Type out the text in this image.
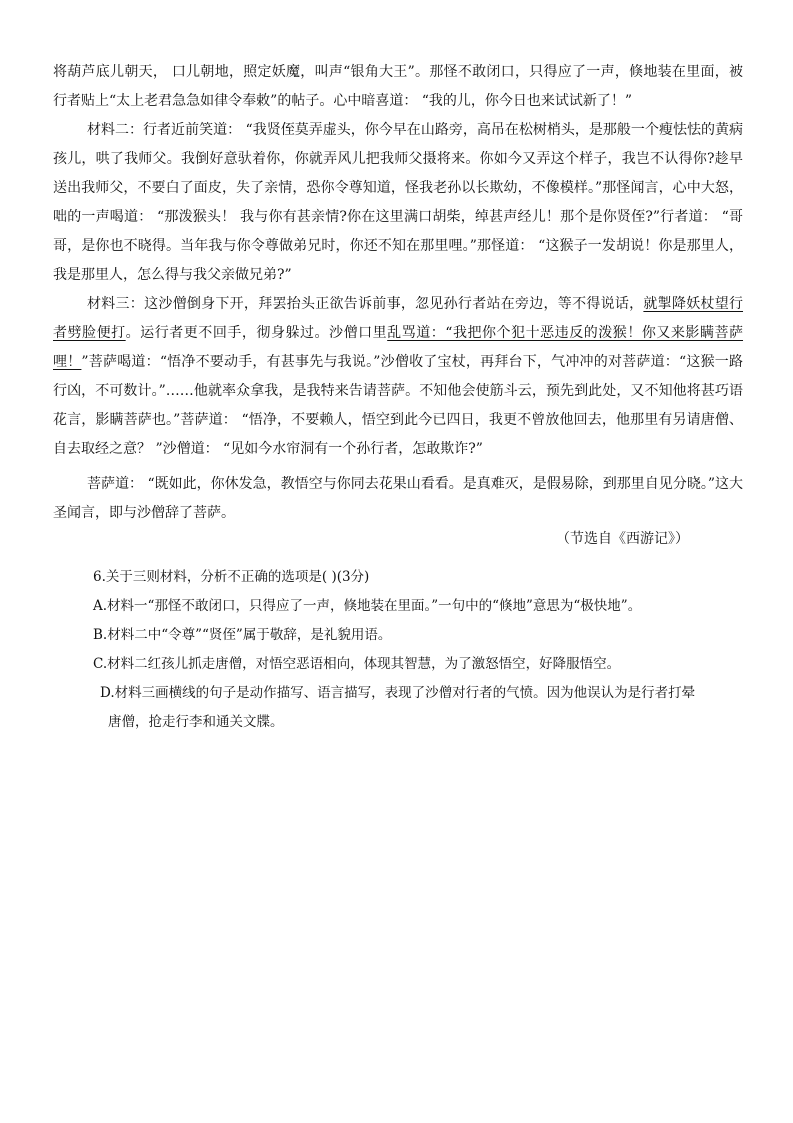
将葫芦底儿朝天， 口儿朝地，照定妖魔，叫声“银角大王”。那怪不敢闭口，只得应了一声，倏地装在里面，被行者贴上“太上老君急急如律令奉敕”的帖子。心中暗喜道： “我的儿，你今日也来试试新了！”

材料二：行者近前笑道： “我贤侄莫弄虚头，你今早在山路旁，高吊在松树梢头，是那般一个瘦怯怯的黄病孩儿，哄了我师父。我倒好意驮着你，你就弄风儿把我师父摄将来。你如今又弄这个样子，我岂不认得你?趁早送出我师父，不要白了面皮，失了亲情，恐你令尊知道，怪我老孙以长欺幼，不像模样。”那怪闻言，心中大怒，咄的一声喝道： “那泼猴头！ 我与你有甚亲情?你在这里满口胡柴，绰甚声经儿！那个是你贤侄?”行者道： “哥哥，是你也不晓得。当年我与你令尊做弟兄时，你还不知在那里哩。”那怪道： “这猴子一发胡说！你是那里人，我是那里人，怎么得与我父亲做兄弟?”

材料三：这沙僧倒身下开，拜罢抬头正欲告诉前事，忽见孙行者站在旁边，等不得说话，就掣降妖杖望行者劈脸便打。运行者更不回手，彻身躲过。沙僧口里乱骂道：“我把你个犯十恶违反的泼猴！你又来影瞒菩萨哩！”菩萨喝道：“悟净不要动手，有甚事先与我说。”沙僧收了宝杖，再拜台下，气冲冲的对菩萨道：“这猴一路行凶，不可数计。”……他就率众拿我，是我特来告请菩萨。不知他会使筋斗云，预先到此处，又不知他将甚巧语花言，影瞒菩萨也。”菩萨道： “悟净，不要赖人，悟空到此今已四日，我更不曾放他回去，他那里有另请唐僧、 自去取经之意？ ”沙僧道： “见如今水帘洞有一个孙行者，怎敢欺诈?”

菩萨道： “既如此，你休发急，教悟空与你同去花果山看看。是真难灭，是假易除，到那里自见分晓。”这大圣闻言，即与沙僧辞了菩萨。

（节选自《西游记》）
6.关于三则材料，分析不正确的选项是( )(3分)

A.材料一“那怪不敢闭口，只得应了一声，倏地装在里面。”一句中的“倏地”意思为“极快地”。

B.材料二中“令尊”“贤侄”属于敬辞，是礼貌用语。

C.材料二红孩儿抓走唐僧，对悟空恶语相向，体现其智慧，为了激怒悟空，好降服悟空。

D.材料三画横线的句子是动作描写、语言描写，表现了沙僧对行者的气愤。因为他误认为是行者打晕
唐僧，抢走行李和通关文牒。
